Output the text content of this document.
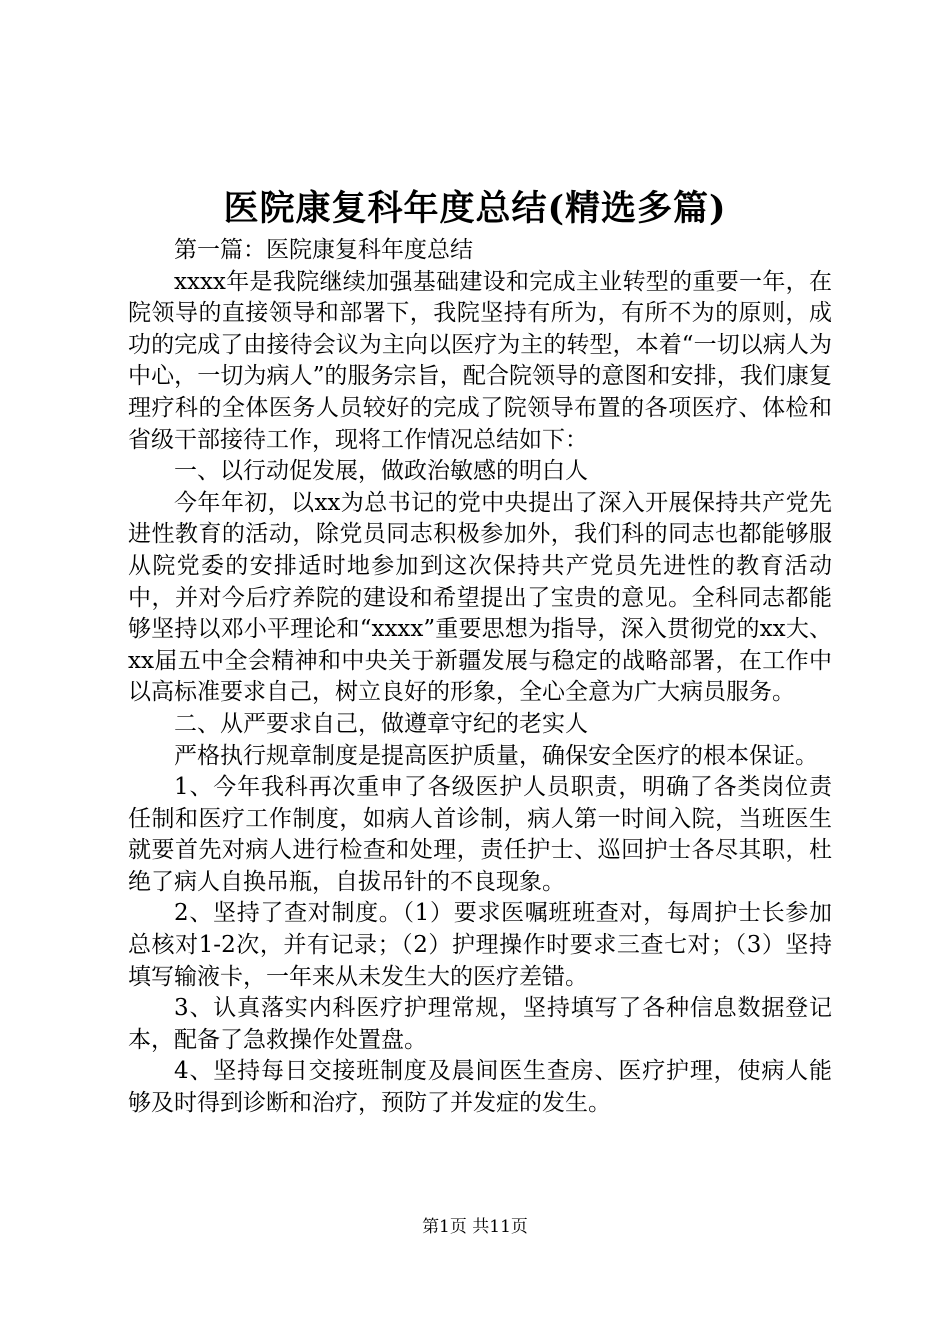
医院康复科年度总结(精选多篇)

第一篇：医院康复科年度总结

xxxx年是我院继续加强基础建设和完成主业转型的重要一年，在院领导的直接领导和部署下，我院坚持有所为，有所不为的原则，成功的完成了由接待会议为主向以医疗为主的转型，本着“一切以病人为中心，一切为病人”的服务宗旨，配合院领导的意图和安排，我们康复理疗科的全体医务人员较好的完成了院领导布置的各项医疗、体检和省级干部接待工作，现将工作情况总结如下：

一、以行动促发展，做政治敏感的明白人

今年年初，以xx为总书记的党中央提出了深入开展保持共产党先进性教育的活动，除党员同志积极参加外，我们科的同志也都能够服从院党委的安排适时地参加到这次保持共产党员先进性的教育活动中，并对今后疗养院的建设和希望提出了宝贵的意见。全科同志都能够坚持以邓小平理论和“xxxx”重要思想为指导，深入贯彻党的xx大、xx届五中全会精神和中央关于新疆发展与稳定的战略部署，在工作中以高标准要求自己，树立良好的形象，全心全意为广大病员服务。

二、从严要求自己，做遵章守纪的老实人

严格执行规章制度是提高医护质量，确保安全医疗的根本保证。

1、今年我科再次重申了各级医护人员职责，明确了各类岗位责任制和医疗工作制度，如病人首诊制，病人第一时间入院，当班医生就要首先对病人进行检查和处理，责任护士、巡回护士各尽其职，杜绝了病人自换吊瓶，自拔吊针的不良现象。

2、坚持了查对制度。（1）要求医嘱班班查对，每周护士长参加总核对1-2次，并有记录；（2）护理操作时要求三查七对；（3）坚持填写输液卡，一年来从未发生大的医疗差错。

3、认真落实内科医疗护理常规，坚持填写了各种信息数据登记本，配备了急救操作处置盘。

4、坚持每日交接班制度及晨间医生查房、医疗护理，使病人能够及时得到诊断和治疗，预防了并发症的发生。

第1页 共11页
